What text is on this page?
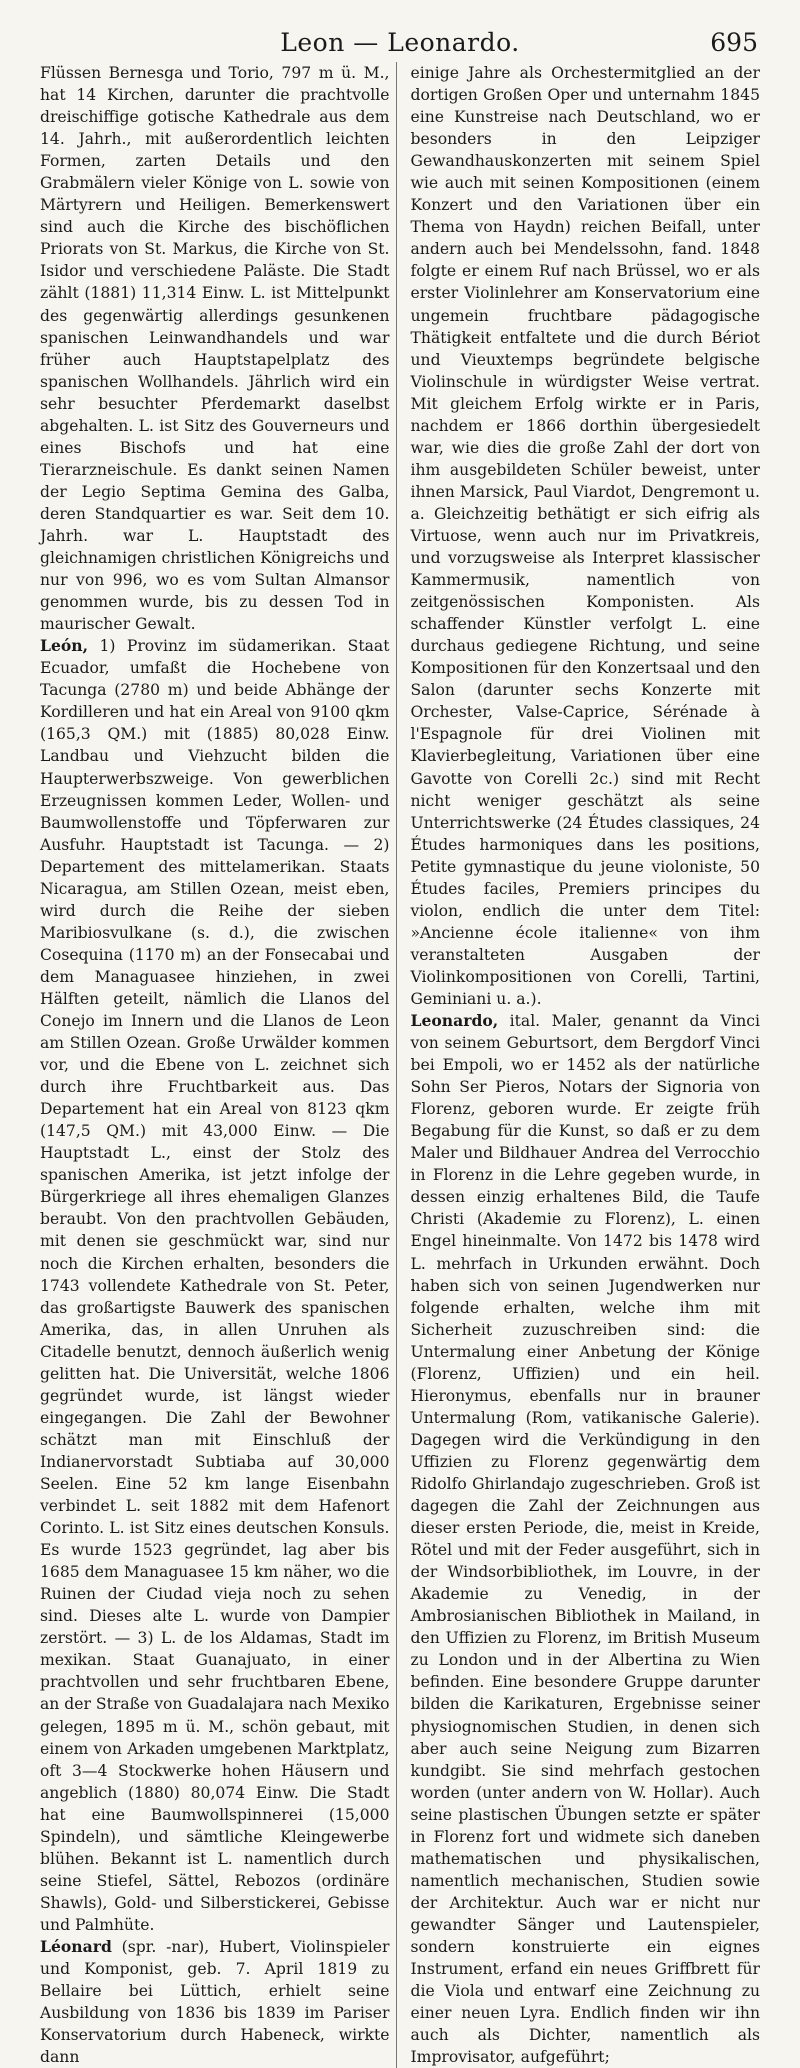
Leon — Leonardo.	695

Flüssen Bernesga und Torio, 797 m ü. M., hat 14 Kirchen, darunter die prachtvolle dreischiffige gotische Kathedrale aus dem 14. Jahrh., mit außerordentlich leichten Formen, zarten Details und den Grabmälern vieler Könige von L. sowie von Märtyrern und Heiligen. Bemerkenswert sind auch die Kirche des bischöflichen Priorats von St. Markus, die Kirche von St. Isidor und verschiedene Paläste. Die Stadt zählt (1881) 11,314 Einw. L. ist Mittelpunkt des gegenwärtig allerdings gesunkenen spanischen Leinwandhandels und war früher auch Hauptstapelplatz des spanischen Wollhandels. Jährlich wird ein sehr besuchter Pferdemarkt daselbst abgehalten. L. ist Sitz des Gouverneurs und eines Bischofs und hat eine Tierarzneischule. Es dankt seinen Namen der Legio Septima Gemina des Galba, deren Standquartier es war. Seit dem 10. Jahrh. war L. Hauptstadt des gleichnamigen christlichen Königreichs und nur von 996, wo es vom Sultan Almansor genommen wurde, bis zu dessen Tod in maurischer Gewalt.

León, 1) Provinz im südamerikan. Staat Ecuador, umfaßt die Hochebene von Tacunga (2780 m) und beide Abhänge der Kordilleren und hat ein Areal von 9100 qkm (165,3 QM.) mit (1885) 80,028 Einw. Landbau und Viehzucht bilden die Haupterwerbszweige. Von gewerblichen Erzeugnissen kommen Leder, Wollen- und Baumwollenstoffe und Töpferwaren zur Ausfuhr. Hauptstadt ist Tacunga. — 2) Departement des mittelamerikan. Staats Nicaragua, am Stillen Ozean, meist eben, wird durch die Reihe der sieben Maribiosvulkane (s. d.), die zwischen Cosequina (1170 m) an der Fonsecabai und dem Managuasee hinziehen, in zwei Hälften geteilt, nämlich die Llanos del Conejo im Innern und die Llanos de Leon am Stillen Ozean. Große Urwälder kommen vor, und die Ebene von L. zeichnet sich durch ihre Fruchtbarkeit aus. Das Departement hat ein Areal von 8123 qkm (147,5 QM.) mit 43,000 Einw. — Die Hauptstadt L., einst der Stolz des spanischen Amerika, ist jetzt infolge der Bürgerkriege all ihres ehemaligen Glanzes beraubt. Von den prachtvollen Gebäuden, mit denen sie geschmückt war, sind nur noch die Kirchen erhalten, besonders die 1743 vollendete Kathedrale von St. Peter, das großartigste Bauwerk des spanischen Amerika, das, in allen Unruhen als Citadelle benutzt, dennoch äußerlich wenig gelitten hat. Die Universität, welche 1806 gegründet wurde, ist längst wieder eingegangen. Die Zahl der Bewohner schätzt man mit Einschluß der Indianervorstadt Subtiaba auf 30,000 Seelen. Eine 52 km lange Eisenbahn verbindet L. seit 1882 mit dem Hafenort Corinto. L. ist Sitz eines deutschen Konsuls. Es wurde 1523 gegründet, lag aber bis 1685 dem Managuasee 15 km näher, wo die Ruinen der Ciudad vieja noch zu sehen sind. Dieses alte L. wurde von Dampier zerstört. — 3) L. de los Aldamas, Stadt im mexikan. Staat Guanajuato, in einer prachtvollen und sehr fruchtbaren Ebene, an der Straße von Guadalajara nach Mexiko gelegen, 1895 m ü. M., schön gebaut, mit einem von Arkaden umgebenen Marktplatz, oft 3—4 Stockwerke hohen Häusern und angeblich (1880) 80,074 Einw. Die Stadt hat eine Baumwollspinnerei (15,000 Spindeln), und sämtliche Kleingewerbe blühen. Bekannt ist L. namentlich durch seine Stiefel, Sättel, Rebozos (ordinäre Shawls), Gold- und Silberstickerei, Gebisse und Palmhüte.

Léonard (spr. -nar), Hubert, Violinspieler und Komponist, geb. 7. April 1819 zu Bellaire bei Lüttich, erhielt seine Ausbildung von 1836 bis 1839 im Pariser Konservatorium durch Habeneck, wirkte dann

einige Jahre als Orchestermitglied an der dortigen Großen Oper und unternahm 1845 eine Kunstreise nach Deutschland, wo er besonders in den Leipziger Gewandhauskonzerten mit seinem Spiel wie auch mit seinen Kompositionen (einem Konzert und den Variationen über ein Thema von Haydn) reichen Beifall, unter andern auch bei Mendelssohn, fand. 1848 folgte er einem Ruf nach Brüssel, wo er als erster Violinlehrer am Konservatorium eine ungemein fruchtbare pädagogische Thätigkeit entfaltete und die durch Bériot und Vieuxtemps begründete belgische Violinschule in würdigster Weise vertrat. Mit gleichem Erfolg wirkte er in Paris, nachdem er 1866 dorthin übergesiedelt war, wie dies die große Zahl der dort von ihm ausgebildeten Schüler beweist, unter ihnen Marsick, Paul Viardot, Dengremont u. a. Gleichzeitig bethätigt er sich eifrig als Virtuose, wenn auch nur im Privatkreis, und vorzugsweise als Interpret klassischer Kammermusik, namentlich von zeitgenössischen Komponisten. Als schaffender Künstler verfolgt L. eine durchaus gediegene Richtung, und seine Kompositionen für den Konzertsaal und den Salon (darunter sechs Konzerte mit Orchester, Valse-Caprice, Sérénade à l'Espagnole für drei Violinen mit Klavierbegleitung, Variationen über eine Gavotte von Corelli 2c.) sind mit Recht nicht weniger geschätzt als seine Unterrichtswerke (24 Études classiques, 24 Études harmoniques dans les positions, Petite gymnastique du jeune violoniste, 50 Études faciles, Premiers principes du violon, endlich die unter dem Titel: »Ancienne école italienne« von ihm veranstalteten Ausgaben der Violinkompositionen von Corelli, Tartini, Geminiani u. a.).

Leonardo, ital. Maler, genannt da Vinci von seinem Geburtsort, dem Bergdorf Vinci bei Empoli, wo er 1452 als der natürliche Sohn Ser Pieros, Notars der Signoria von Florenz, geboren wurde. Er zeigte früh Begabung für die Kunst, so daß er zu dem Maler und Bildhauer Andrea del Verrocchio in Florenz in die Lehre gegeben wurde, in dessen einzig erhaltenes Bild, die Taufe Christi (Akademie zu Florenz), L. einen Engel hineinmalte. Von 1472 bis 1478 wird L. mehrfach in Urkunden erwähnt. Doch haben sich von seinen Jugendwerken nur folgende erhalten, welche ihm mit Sicherheit zuzuschreiben sind: die Untermalung einer Anbetung der Könige (Florenz, Uffizien) und ein heil. Hieronymus, ebenfalls nur in brauner Untermalung (Rom, vatikanische Galerie). Dagegen wird die Verkündigung in den Uffizien zu Florenz gegenwärtig dem Ridolfo Ghirlandajo zugeschrieben. Groß ist dagegen die Zahl der Zeichnungen aus dieser ersten Periode, die, meist in Kreide, Rötel und mit der Feder ausgeführt, sich in der Windsorbibliothek, im Louvre, in der Akademie zu Venedig, in der Ambrosianischen Bibliothek in Mailand, in den Uffizien zu Florenz, im British Museum zu London und in der Albertina zu Wien befinden. Eine besondere Gruppe darunter bilden die Karikaturen, Ergebnisse seiner physiognomischen Studien, in denen sich aber auch seine Neigung zum Bizarren kundgibt. Sie sind mehrfach gestochen worden (unter andern von W. Hollar). Auch seine plastischen Übungen setzte er später in Florenz fort und widmete sich daneben mathematischen und physikalischen, namentlich mechanischen, Studien sowie der Architektur. Auch war er nicht nur gewandter Sänger und Lautenspieler, sondern konstruierte ein eignes Instrument, erfand ein neues Griffbrett für die Viola und entwarf eine Zeichnung zu einer neuen Lyra. Endlich finden wir ihn auch als Dichter, namentlich als Improvisator, aufgeführt;
